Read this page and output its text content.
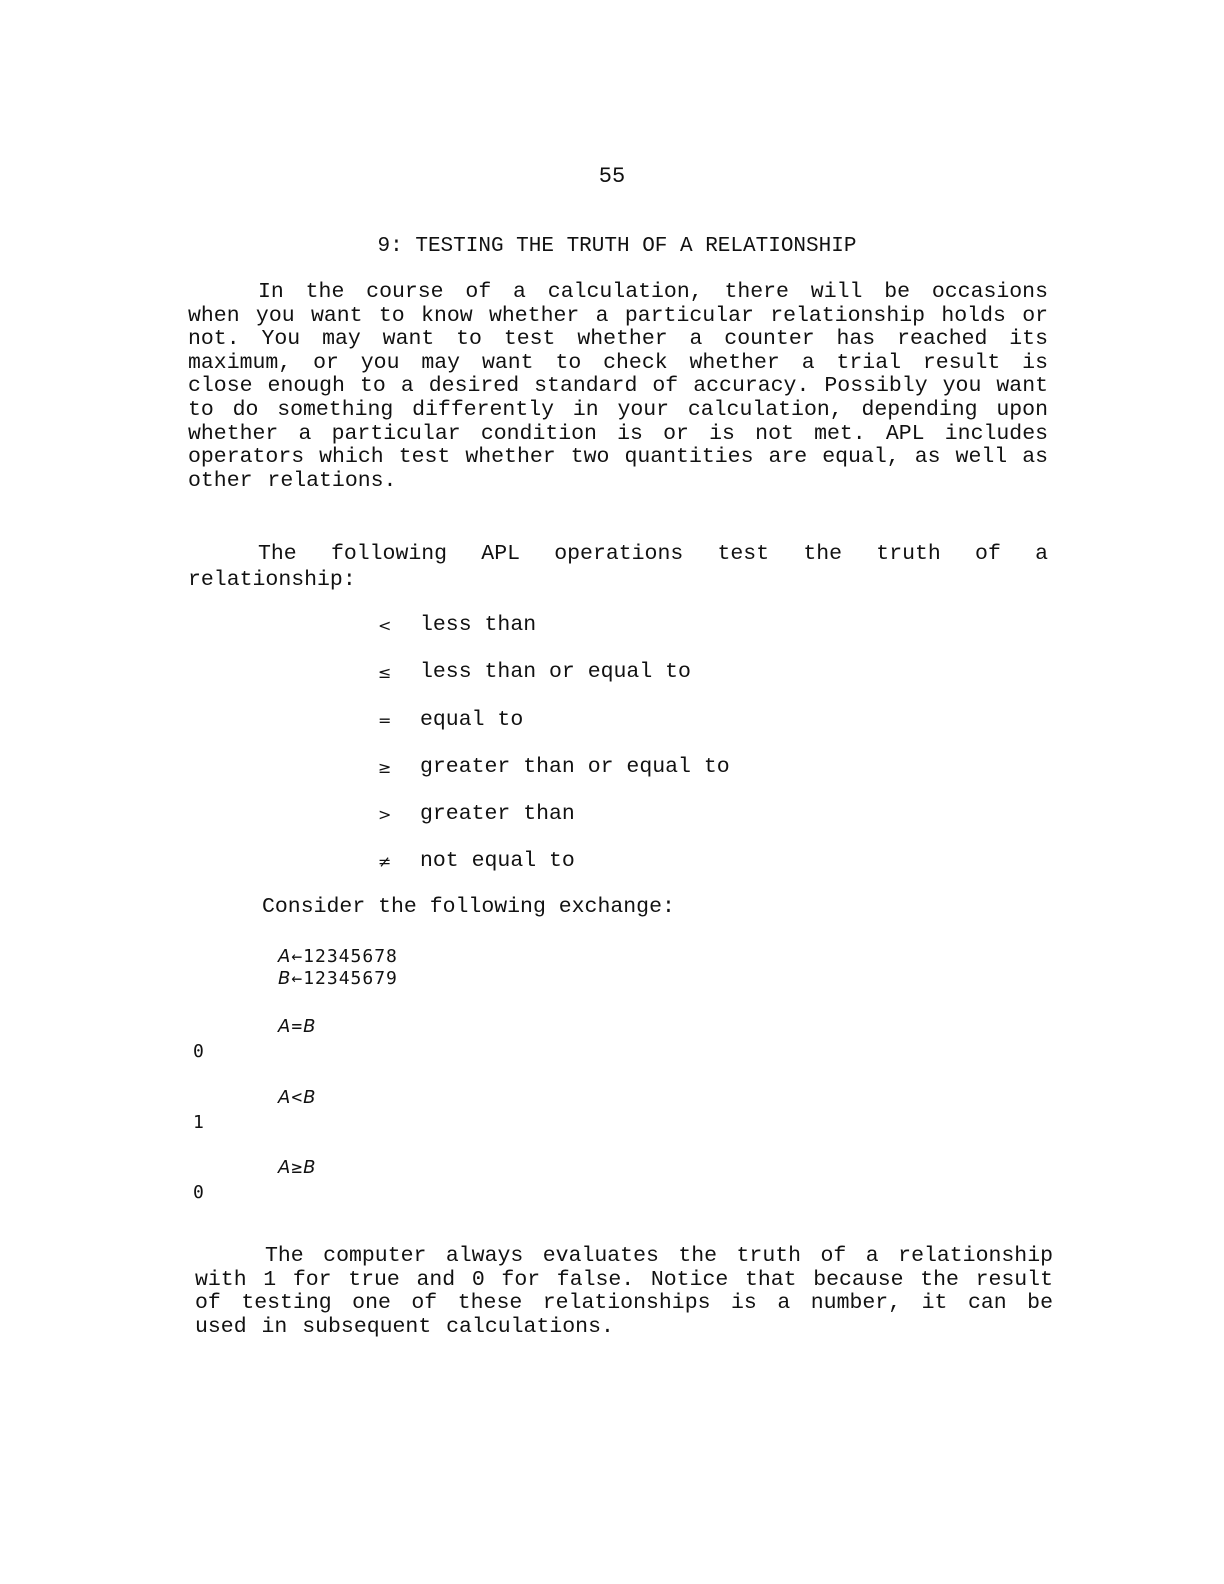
55
9: TESTING THE TRUTH OF A RELATIONSHIP

In the course of a calculation, there will be occasions when you want to know whether a particular relationship holds or not. You may want to test whether a counter has reached its maximum, or you may want to check whether a trial result is close enough to a desired standard of accuracy. Possibly you want to do something differently in your calculation, depending upon whether a particular condition is or is not met. APL includes operators which test whether two quantities are equal, as well as other relations.

The following APL operations test the truth of a relationship:

<	less than
≤	less than or equal to
=	equal to
≥	greater than or equal to
>	greater than
≠	not equal to
Consider the following exchange:
A←12345678
B←12345679
A=B
0
A<B
1
A≥B
0

The computer always evaluates the truth of a relationship with 1 for true and 0 for false. Notice that because the result of testing one of these relationships is a number, it can be used in subsequent calculations.
